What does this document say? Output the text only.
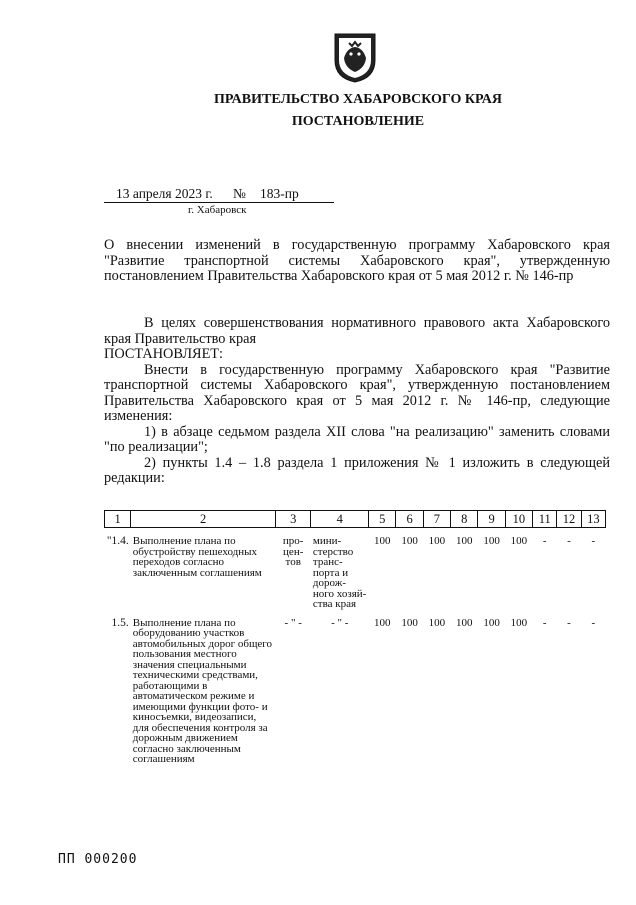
ПРАВИТЕЛЬСТВО ХАБАРОВСКОГО КРАЯ
ПОСТАНОВЛЕНИЕ
13 апреля 2023 г. № 183-пр
г. Хабаровск
О внесении изменений в государственную программу Хабаровского края "Развитие транспортной системы Хабаровского края", утвержденную постановлением Правительства Хабаровского края от 5 мая 2012 г. № 146-пр

В целях совершенствования нормативного правового акта Хабаровского края Правительство края

ПОСТАНОВЛЯЕТ:

Внести в государственную программу Хабаровского края "Развитие транспортной системы Хабаровского края", утвержденную постановлением Правительства Хабаровского края от 5 мая 2012 г. № 146-пр, следующие изменения:

1) в абзаце седьмом раздела XII слова "на реализацию" заменить словами "по реализации";

2) пункты 1.4 – 1.8 раздела 1 приложения № 1 изложить в следующей редакции:

1	2	3	4	5	6	7	8	9	10	11	12	13
"1.4.	Выполнение плана по обустройству пешеходных переходов согласно заключенным соглашениям	про-цен-тов	мини-стерство транс-порта и дорож-ного хозяй-ства края	100	100	100	100	100	100	-	-	-
1.5.	Выполнение плана по оборудованию участков автомобильных дорог общего пользования местного значения специальными техническими средствами, работающими в автоматическом режиме и имеющими функции фото- и киносъемки, видеозаписи, для обеспечения контроля за дорожным движением согласно заключенным соглашениям	- " -	- " -	100	100	100	100	100	100	-	-	-
ПП 000200
